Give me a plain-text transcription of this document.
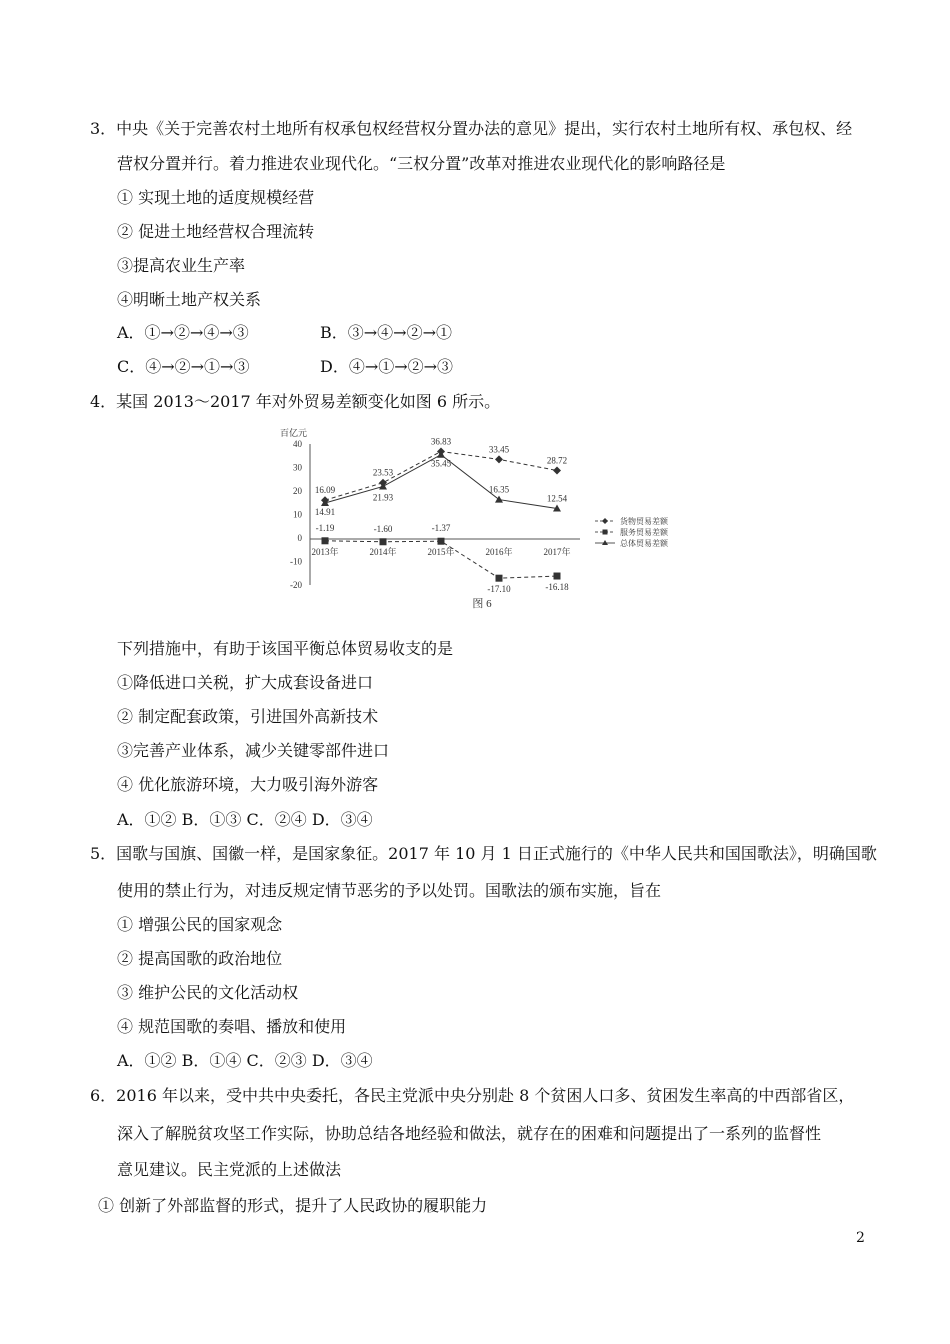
3．中央《关于完善农村土地所有权承包权经营权分置办法的意见》提出，实行农村土地所有权、承包权、经
营权分置并行。着力推进农业现代化。“三权分置”改革对推进农业现代化的影响路径是
① 实现土地的适度规模经营
② 促进土地经营权合理流转
③提高农业生产率
④明晰土地产权关系
A．①→②→④→③	B．③→④→②→①
C．④→②→①→③	D．④→①→②→③
4．某国 2013～2017 年对外贸易差额变化如图 6 所示。
百亿元
40
30
20
10
0
-10
-20
2013年	2014年	2015年	2016年	2017年
16.09
23.53
36.83
33.45
28.72
-1.19	-1.60	-1.37
-17.10	-16.18
14.91
21.93
35.45
16.35
12.54
货物贸易差额
服务贸易差额
总体贸易差额
图 6
下列措施中，有助于该国平衡总体贸易收支的是
①降低进口关税，扩大成套设备进口
② 制定配套政策，引进国外高新技术
③完善产业体系，减少关键零部件进口
④ 优化旅游环境，大力吸引海外游客
A．①② B．①③ C．②④ D．③④
5．国歌与国旗、国徽一样，是国家象征。2017 年 10 月 1 日正式施行的《中华人民共和国国歌法》，明确国歌
使用的禁止行为，对违反规定情节恶劣的予以处罚。国歌法的颁布实施，旨在
① 增强公民的国家观念
② 提高国歌的政治地位
③ 维护公民的文化活动权
④ 规范国歌的奏唱、播放和使用
A．①② B．①④ C．②③ D．③④
6．2016 年以来，受中共中央委托，各民主党派中央分别赴 8 个贫困人口多、贫困发生率高的中西部省区，
深入了解脱贫攻坚工作实际，协助总结各地经验和做法，就存在的困难和问题提出了一系列的监督性
意见建议。民主党派的上述做法
① 创新了外部监督的形式，提升了人民政协的履职能力
2
